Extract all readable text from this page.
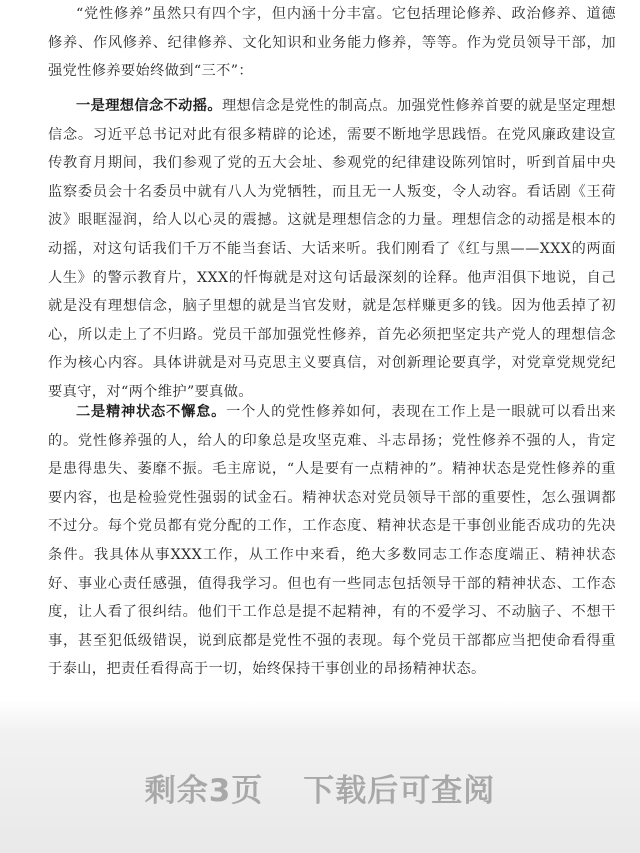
“党性修养”虽然只有四个字，但内涵十分丰富。它包括理论修养、政治修养、道德修养、作风修养、纪律修养、文化知识和业务能力修养，等等。作为党员领导干部，加强党性修养要始终做到“三不”：

一是理想信念不动摇。理想信念是党性的制高点。加强党性修养首要的就是坚定理想信念。习近平总书记对此有很多精辟的论述，需要不断地学思践悟。在党风廉政建设宣传教育月期间，我们参观了党的五大会址、参观党的纪律建设陈列馆时，听到首届中央监察委员会十名委员中就有八人为党牺牲，而且无一人叛变，令人动容。看话剧《王荷波》眼眶湿润，给人以心灵的震撼。这就是理想信念的力量。理想信念的动摇是根本的动摇，对这句话我们千万不能当套话、大话来听。我们刚看了《红与黑——XXX的两面人生》的警示教育片，XXX的忏悔就是对这句话最深刻的诠释。他声泪俱下地说，自己就是没有理想信念，脑子里想的就是当官发财，就是怎样赚更多的钱。因为他丢掉了初心，所以走上了不归路。党员干部加强党性修养，首先必须把坚定共产党人的理想信念作为核心内容。具体讲就是对马克思主义要真信，对创新理论要真学，对党章党规党纪要真守，对“两个维护”要真做。

二是精神状态不懈怠。一个人的党性修养如何，表现在工作上是一眼就可以看出来的。党性修养强的人，给人的印象总是攻坚克难、斗志昂扬；党性修养不强的人，肯定是患得患失、萎靡不振。毛主席说，“人是要有一点精神的”。精神状态是党性修养的重要内容，也是检验党性强弱的试金石。精神状态对党员领导干部的重要性，怎么强调都不过分。每个党员都有党分配的工作，工作态度、精神状态是干事创业能否成功的先决条件。我具体从事XXX工作，从工作中来看，绝大多数同志工作态度端正、精神状态好、事业心责任感强，值得我学习。但也有一些同志包括领导干部的精神状态、工作态度，让人看了很纠结。他们干工作总是提不起精神，有的不爱学习、不动脑子、不想干事，甚至犯低级错误，说到底都是党性不强的表现。每个党员干部都应当把使命看得重于泰山，把责任看得高于一切，始终保持干事创业的昂扬精神状态。

剩余3页 下载后可查阅
